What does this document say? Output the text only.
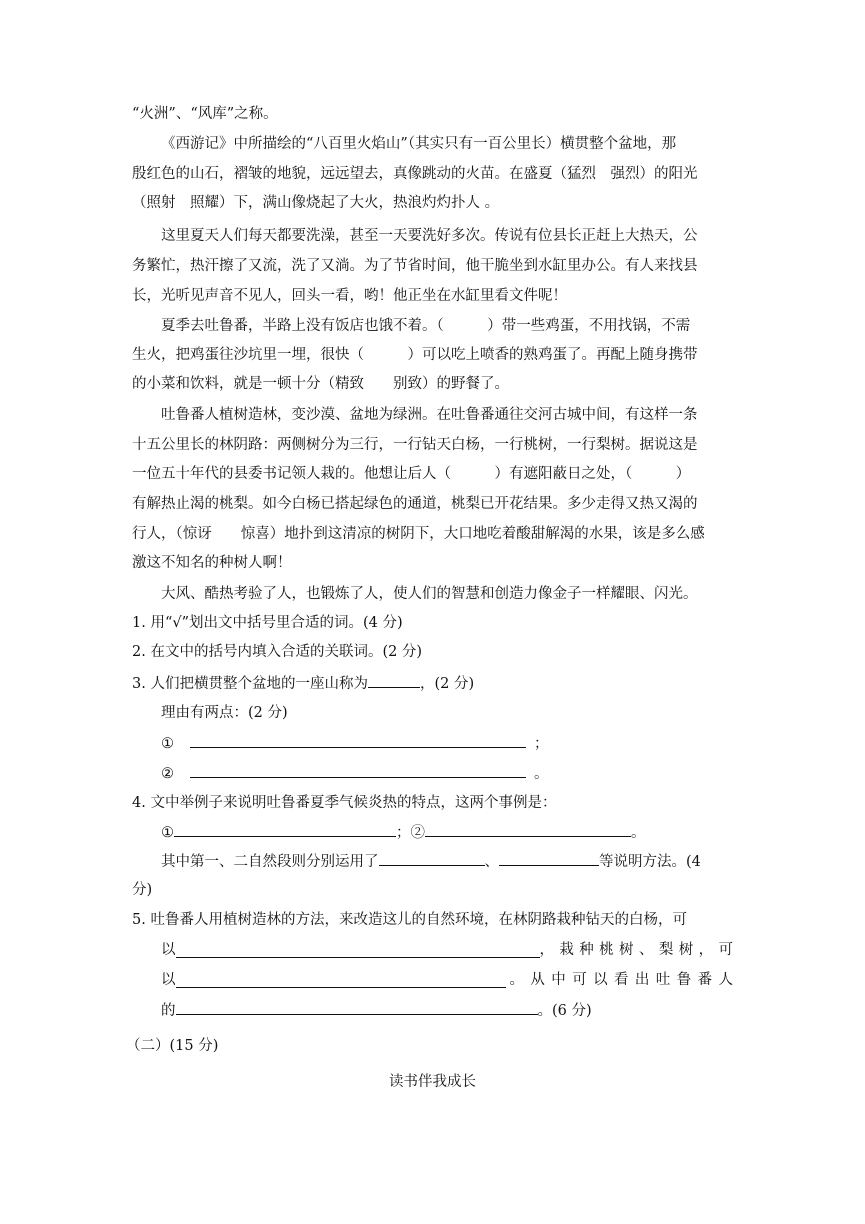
“火洲”、“风库”之称。
《西游记》中所描绘的“八百里火焰山”（其实只有一百公里长）横贯整个盆地，那
殷红色的山石，褶皱的地貌，远远望去，真像跳动的火苗。在盛夏（猛烈　强烈）的阳光
（照射　照耀）下，满山像烧起了大火，热浪灼灼扑人 。
这里夏天人们每天都要洗澡，甚至一天要洗好多次。传说有位县长正赶上大热天，公
务繁忙，热汗擦了又流，洗了又淌。为了节省时间，他干脆坐到水缸里办公。有人来找县
长，光听见声音不见人，回头一看，哟！他正坐在水缸里看文件呢！
夏季去吐鲁番，半路上没有饭店也饿不着。（　　　）带一些鸡蛋，不用找锅，不需
生火，把鸡蛋往沙坑里一埋，很快（　　　）可以吃上喷香的熟鸡蛋了。再配上随身携带
的小菜和饮料，就是一顿十分（精致　　别致）的野餐了。
吐鲁番人植树造林，变沙漠、盆地为绿洲。在吐鲁番通往交河古城中间，有这样一条
十五公里长的林阴路：两侧树分为三行，一行钻天白杨，一行桃树，一行梨树。据说这是
一位五十年代的县委书记领人栽的。他想让后人（　　　）有遮阳蔽日之处，（　　　）
有解热止渴的桃梨。如今白杨已搭起绿色的通道，桃梨已开花结果。多少走得又热又渴的
行人，（惊讶　　惊喜）地扑到这清凉的树阴下，大口地吃着酸甜解渴的水果，该是多么感
激这不知名的种树人啊！
大风、酷热考验了人，也锻炼了人，使人们的智慧和创造力像金子一样耀眼、闪光。
1. 用“√”划出文中括号里合适的词。(4 分)
2. 在文中的括号内填入合适的关联词。(2 分)
3. 人们把横贯整个盆地的一座山称为	，(2 分)
理由有两点：(2 分)
①	；
②	。
4. 文中举例子来说明吐鲁番夏季气候炎热的特点，这两个事例是：
①	；②	。
其中第一、二自然段则分别运用了	、	等说明方法。(4
分)
5. 吐鲁番人用植树造林的方法，来改造这儿的自然环境，在林阴路栽种钻天的白杨，可
以	，栽种桃树、梨树，可
以	。从中可以看出吐鲁番人
的	。(6 分)
（二）(15 分)
读书伴我成长
